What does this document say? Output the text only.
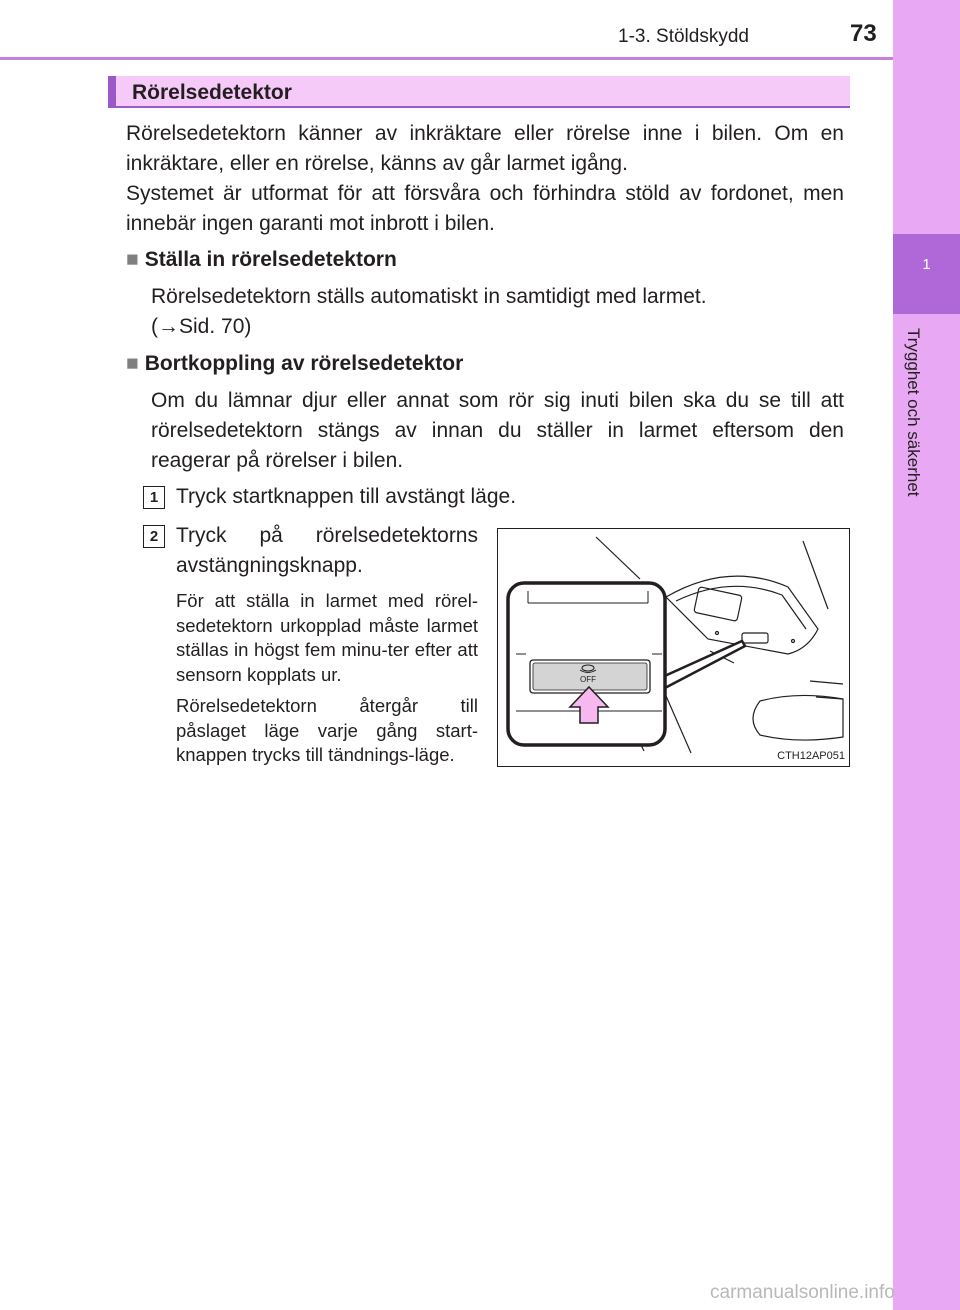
1-3. Stöldskydd	73
1
Trygghet och säkerhet
Rörelsedetektor
Rörelsedetektorn känner av inkräktare eller rörelse inne i bilen. Om en inkräktare, eller en rörelse, känns av går larmet igång.
Systemet är utformat för att försvåra och förhindra stöld av fordonet, men innebär ingen garanti mot inbrott i bilen.
■ Ställa in rörelsedetektorn
Rörelsedetektorn ställs automatiskt in samtidigt med larmet.
(→Sid. 70)
■ Bortkoppling av rörelsedetektor

Om du lämnar djur eller annat som rör sig inuti bilen ska du se till att rörelsedetektorn stängs av innan du ställer in larmet eftersom den reagerar på rörelser i bilen.

1 Tryck startknappen till avstängt läge.
2 Tryck på rörelsedetektorns avstängningsknapp.

För att ställa in larmet med rörel-sedetektorn urkopplad måste larmet ställas in högst fem minu-ter efter att sensorn kopplats ur.

Rörelsedetektorn återgår till påslaget läge varje gång start-knappen trycks till tändnings-läge.

OFF
CTH12AP051
carmanualsonline.info
